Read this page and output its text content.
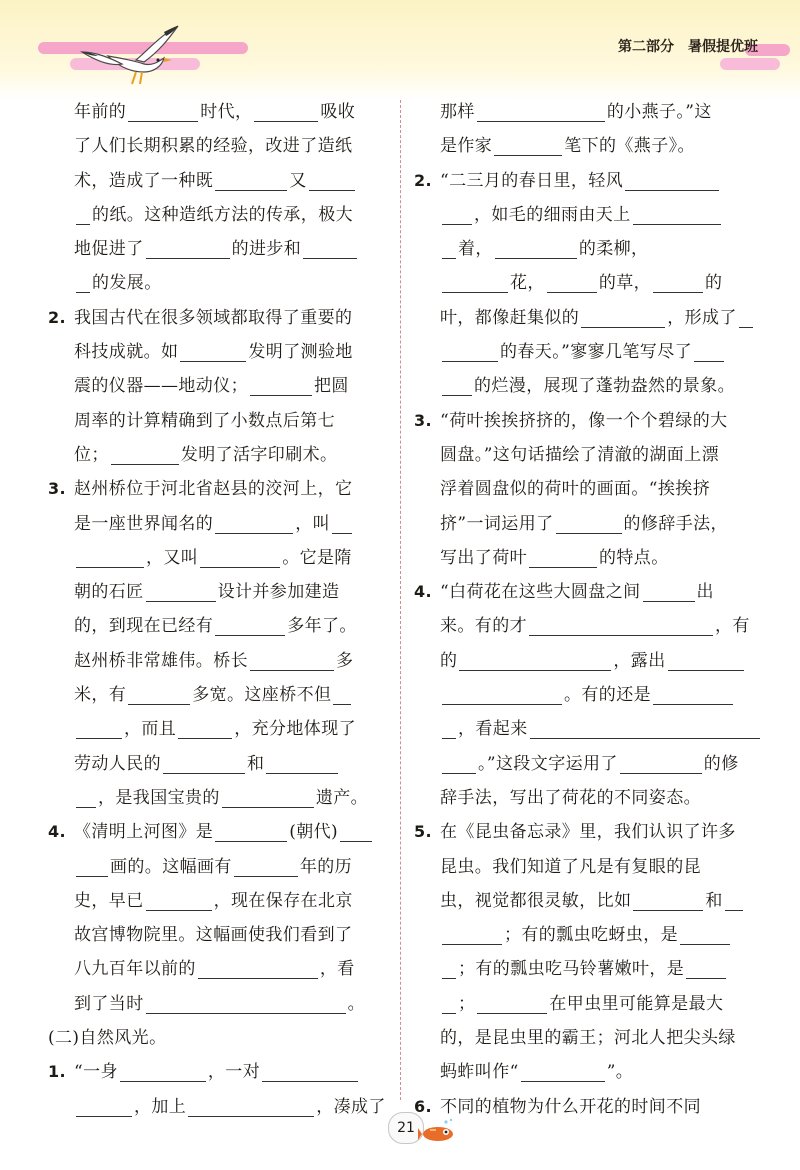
第二部分　暑假提优班
年前的	时代，	吸收
了人们长期积累的经验，改进了造纸
术，造成了一种既	又
的纸。这种造纸方法的传承，极大
地促进了	的进步和
的发展。
2. 我国古代在很多领域都取得了重要的
科技成就。如	发明了测验地
震的仪器——地动仪；	把圆
周率的计算精确到了小数点后第七
位；	发明了活字印刷术。
3. 赵州桥位于河北省赵县的洨河上，它
是一座世界闻名的	，叫
，又叫	。它是隋
朝的石匠	设计并参加建造
的，到现在已经有	多年了。
赵州桥非常雄伟。桥长	多
米，有	多宽。这座桥不但
，而且	，充分地体现了
劳动人民的	和
，是我国宝贵的	遗产。
4. 《清明上河图》是	(朝代)
画的。这幅画有	年的历
史，早已	，现在保存在北京
故宫博物院里。这幅画使我们看到了
八九百年以前的	，看
到了当时	。
(二)自然风光。
1. “一身	，一对
，加上	，凑成了
那样	的小燕子。”这
是作家	笔下的《燕子》。
2. “二三月的春日里，轻风
，如毛的细雨由天上
着，	的柔柳，
花，	的草，	的
叶，都像赶集似的	，形成了
的春天。”寥寥几笔写尽了
的烂漫，展现了蓬勃盎然的景象。
3. “荷叶挨挨挤挤的，像一个个碧绿的大
圆盘。”这句话描绘了清澈的湖面上漂
浮着圆盘似的荷叶的画面。“挨挨挤
挤”一词运用了	的修辞手法，
写出了荷叶	的特点。
4. “白荷花在这些大圆盘之间	出
来。有的才	，有
的	，露出
。有的还是
，看起来
。”这段文字运用了	的修
辞手法，写出了荷花的不同姿态。
5. 在《昆虫备忘录》里，我们认识了许多
昆虫。我们知道了凡是有复眼的昆
虫，视觉都很灵敏，比如	和
；有的瓢虫吃蚜虫，是
；有的瓢虫吃马铃薯嫩叶，是
；	在甲虫里可能算是最大
的，是昆虫里的霸王；河北人把尖头绿
蚂蚱叫作“	”。
6. 不同的植物为什么开花的时间不同
21
